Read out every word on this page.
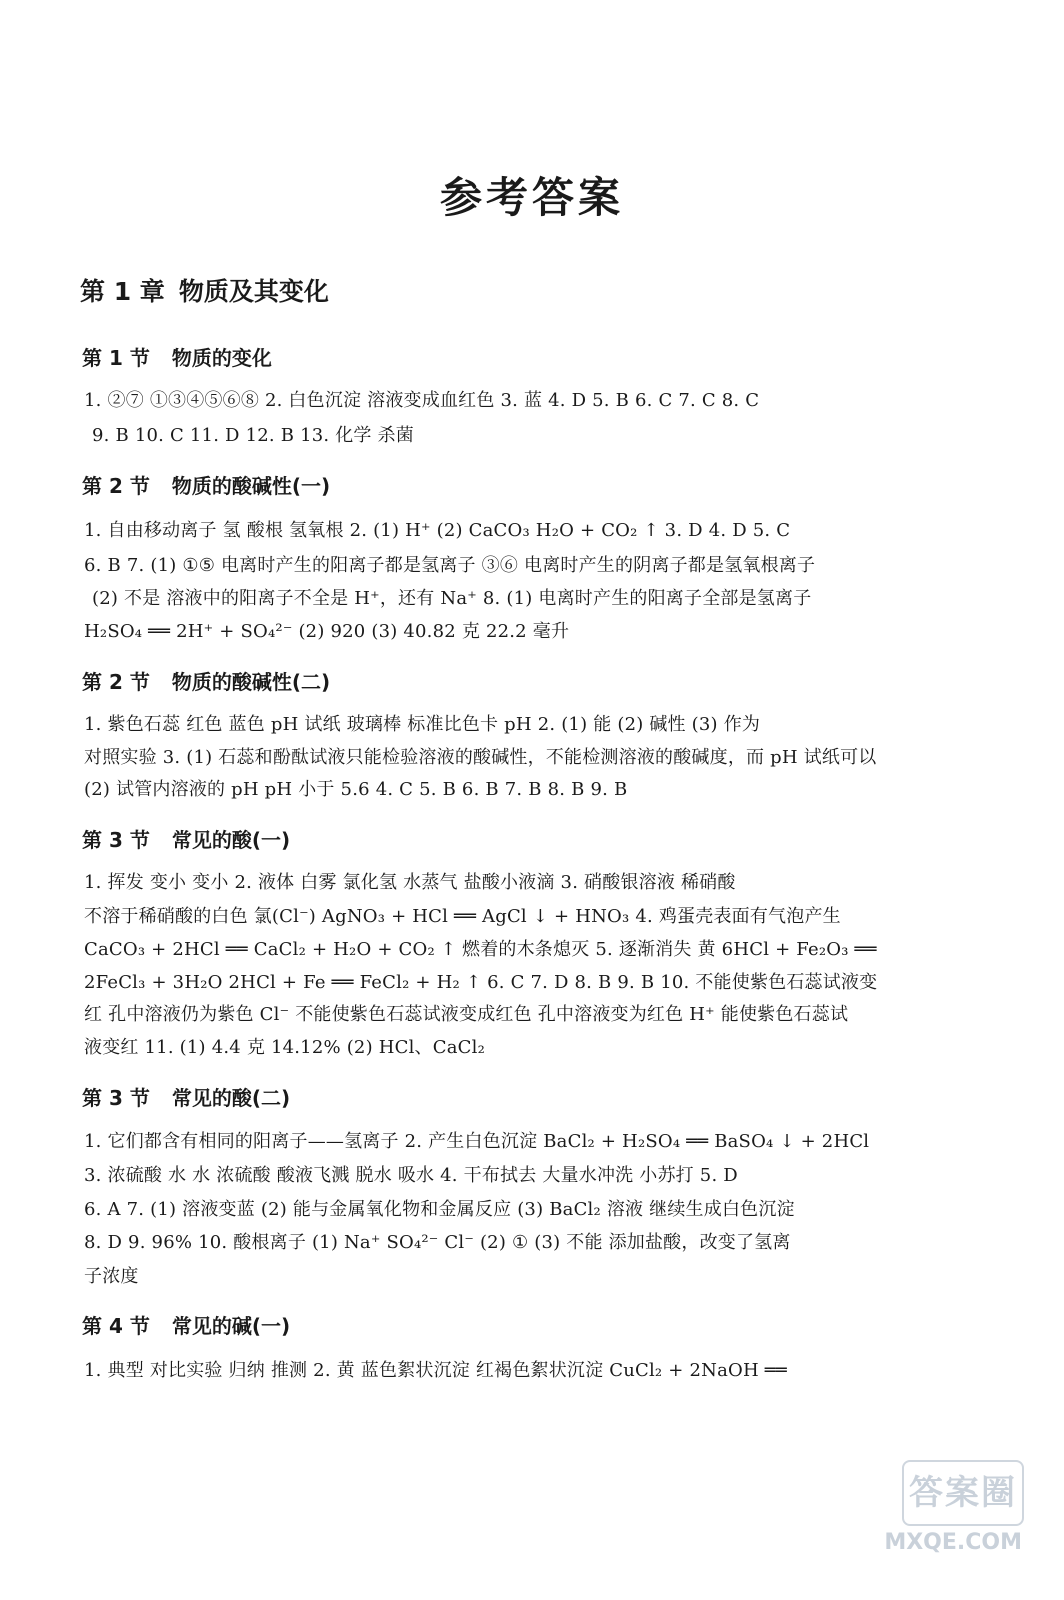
参考答案
第 1 章 物质及其变化
第 1 节 物质的变化
1. ②⑦ ①③④⑤⑥⑧ 2. 白色沉淀 溶液变成血红色 3. 蓝 4. D 5. B 6. C 7. C 8. C
9. B 10. C 11. D 12. B 13. 化学 杀菌
第 2 节 物质的酸碱性(一)
1. 自由移动离子 氢 酸根 氢氧根 2. (1) H⁺ (2) CaCO₃ H₂O + CO₂ ↑ 3. D 4. D 5. C
6. B 7. (1) ①⑤ 电离时产生的阳离子都是氢离子 ③⑥ 电离时产生的阴离子都是氢氧根离子
(2) 不是 溶液中的阳离子不全是 H⁺，还有 Na⁺ 8. (1) 电离时产生的阳离子全部是氢离子
H₂SO₄ ══ 2H⁺ + SO₄²⁻ (2) 920 (3) 40.82 克 22.2 毫升
第 2 节 物质的酸碱性(二)
1. 紫色石蕊 红色 蓝色 pH 试纸 玻璃棒 标准比色卡 pH 2. (1) 能 (2) 碱性 (3) 作为
对照实验 3. (1) 石蕊和酚酞试液只能检验溶液的酸碱性，不能检测溶液的酸碱度，而 pH 试纸可以
(2) 试管内溶液的 pH pH 小于 5.6 4. C 5. B 6. B 7. B 8. B 9. B
第 3 节 常见的酸(一)
1. 挥发 变小 变小 2. 液体 白雾 氯化氢 水蒸气 盐酸小液滴 3. 硝酸银溶液 稀硝酸
不溶于稀硝酸的白色 氯(Cl⁻) AgNO₃ + HCl ══ AgCl ↓ + HNO₃ 4. 鸡蛋壳表面有气泡产生
CaCO₃ + 2HCl ══ CaCl₂ + H₂O + CO₂ ↑ 燃着的木条熄灭 5. 逐渐消失 黄 6HCl + Fe₂O₃ ══
2FeCl₃ + 3H₂O 2HCl + Fe ══ FeCl₂ + H₂ ↑ 6. C 7. D 8. B 9. B 10. 不能使紫色石蕊试液变
红 孔中溶液仍为紫色 Cl⁻ 不能使紫色石蕊试液变成红色 孔中溶液变为红色 H⁺ 能使紫色石蕊试
液变红 11. (1) 4.4 克 14.12% (2) HCl、CaCl₂
第 3 节 常见的酸(二)
1. 它们都含有相同的阳离子——氢离子 2. 产生白色沉淀 BaCl₂ + H₂SO₄ ══ BaSO₄ ↓ + 2HCl
3. 浓硫酸 水 水 浓硫酸 酸液飞溅 脱水 吸水 4. 干布拭去 大量水冲洗 小苏打 5. D
6. A 7. (1) 溶液变蓝 (2) 能与金属氧化物和金属反应 (3) BaCl₂ 溶液 继续生成白色沉淀
8. D 9. 96% 10. 酸根离子 (1) Na⁺ SO₄²⁻ Cl⁻ (2) ① (3) 不能 添加盐酸，改变了氢离
子浓度
第 4 节 常见的碱(一)
1. 典型 对比实验 归纳 推测 2. 黄 蓝色絮状沉淀 红褐色絮状沉淀 CuCl₂ + 2NaOH ══
答案圈
MXQE.COM
